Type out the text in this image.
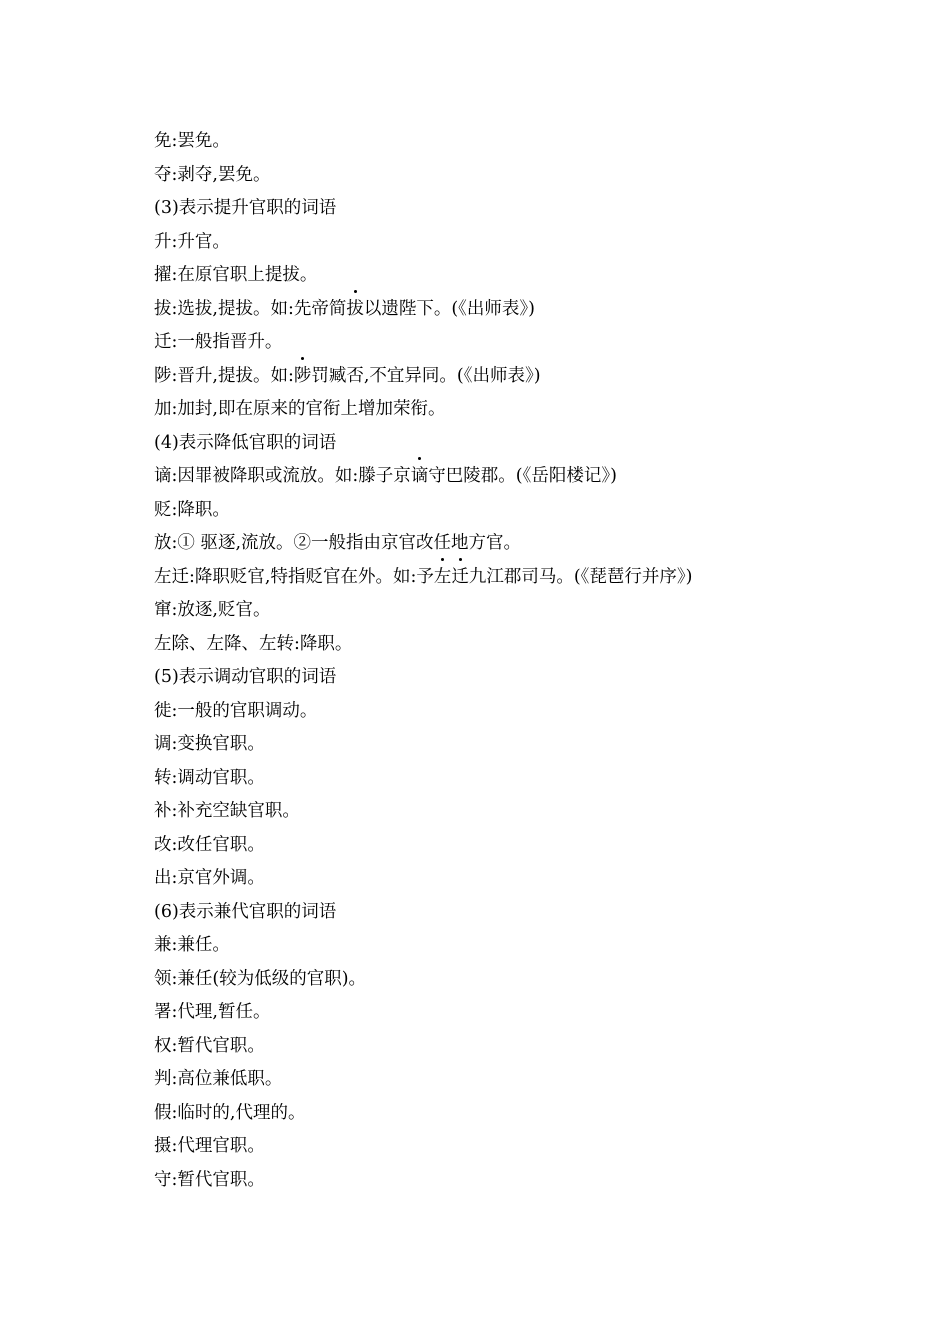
免:罢免。
夺:剥夺,罢免。
(3)表示提升官职的词语
升:升官。
擢:在原官职上提拔。
拔:选拔,提拔。如:先帝简拔以遗陛下。(《出师表》)
迁:一般指晋升。
陟:晋升,提拔。如:陟罚臧否,不宜异同。(《出师表》)
加:加封,即在原来的官衔上增加荣衔。
(4)表示降低官职的词语
谪:因罪被降职或流放。如:滕子京谪守巴陵郡。(《岳阳楼记》)
贬:降职。
放:① 驱逐,流放。②一般指由京官改任地方官。
左迁:降职贬官,特指贬官在外。如:予左迁九江郡司马。(《琵琶行并序》)
窜:放逐,贬官。
左除、左降、左转:降职。
(5)表示调动官职的词语
徙:一般的官职调动。
调:变换官职。
转:调动官职。
补:补充空缺官职。
改:改任官职。
出:京官外调。
(6)表示兼代官职的词语
兼:兼任。
领:兼任(较为低级的官职)。
署:代理,暂任。
权:暂代官职。
判:高位兼低职。
假:临时的,代理的。
摄:代理官职。
守:暂代官职。
